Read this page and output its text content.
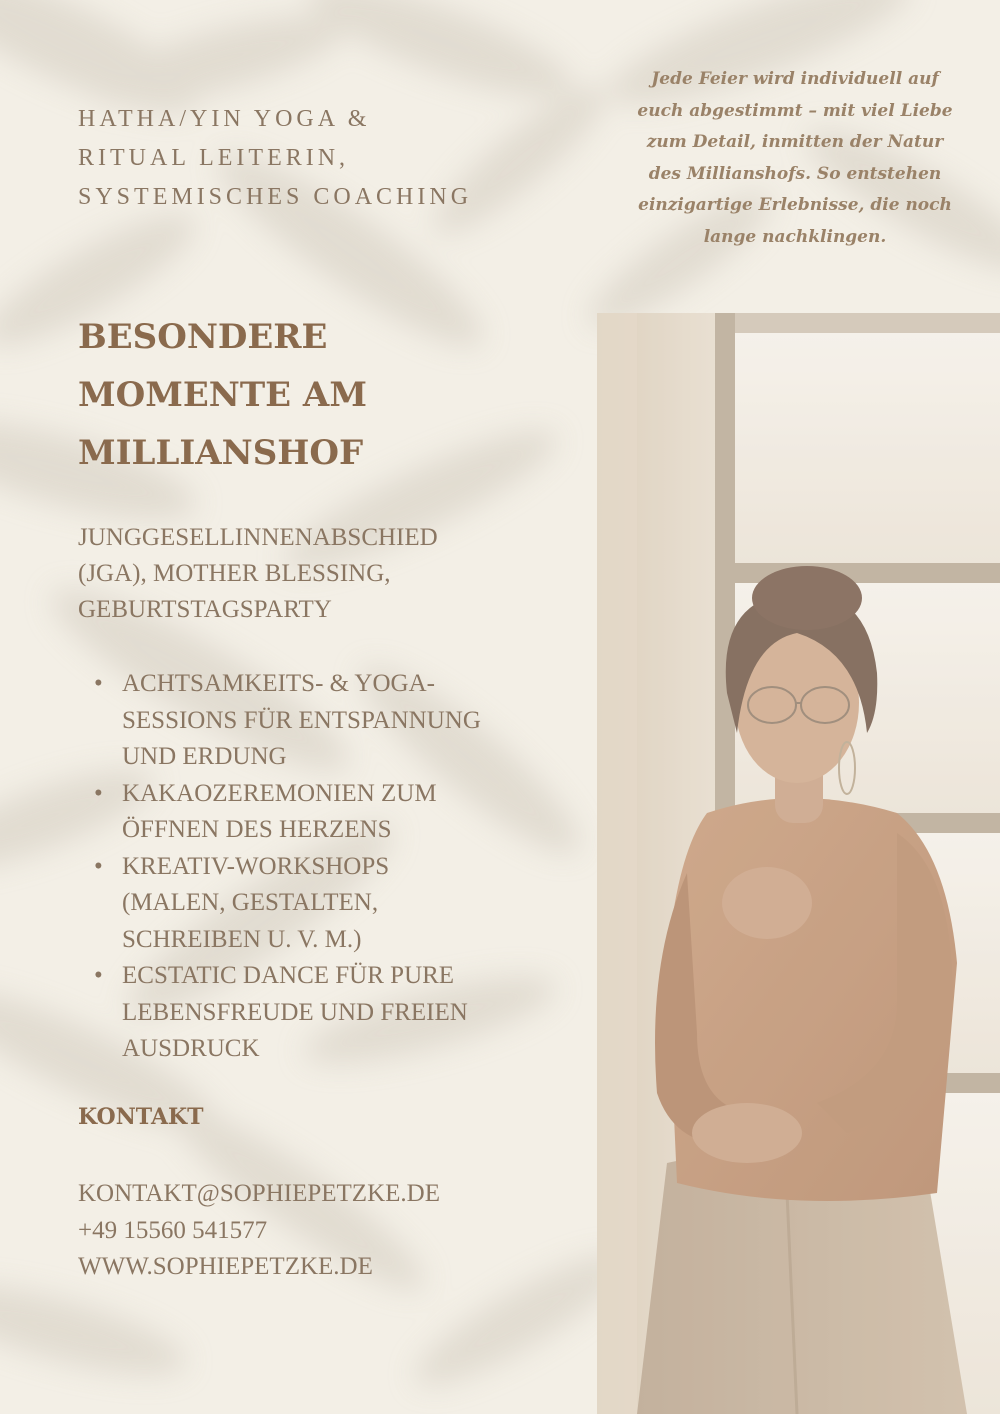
HATHA/YIN YOGA &
RITUAL LEITERIN,
SYSTEMISCHES COACHING
Jede Feier wird individuell auf
euch abgestimmt – mit viel Liebe
zum Detail, inmitten der Natur
des Millianshofs. So entstehen
einzigartige Erlebnisse, die noch
lange nachklingen.
BESONDERE
MOMENTE AM
MILLIANSHOF
JUNGGESELLINNENABSCHIED
(JGA), MOTHER BLESSING,
GEBURTSTAGSPARTY
• ACHTSAMKEITS- & YOGA-
SESSIONS FÜR ENTSPANNUNG
UND ERDUNG
• KAKAOZEREMONIEN ZUM
ÖFFNEN DES HERZENS
• KREATIV-WORKSHOPS
(MALEN, GESTALTEN,
SCHREIBEN U. V. M.)
• ECSTATIC DANCE FÜR PURE
LEBENSFREUDE UND FREIEN
AUSDRUCK
KONTAKT
KONTAKT@SOPHIEPETZKE.DE
+49 15560 541577
WWW.SOPHIEPETZKE.DE
